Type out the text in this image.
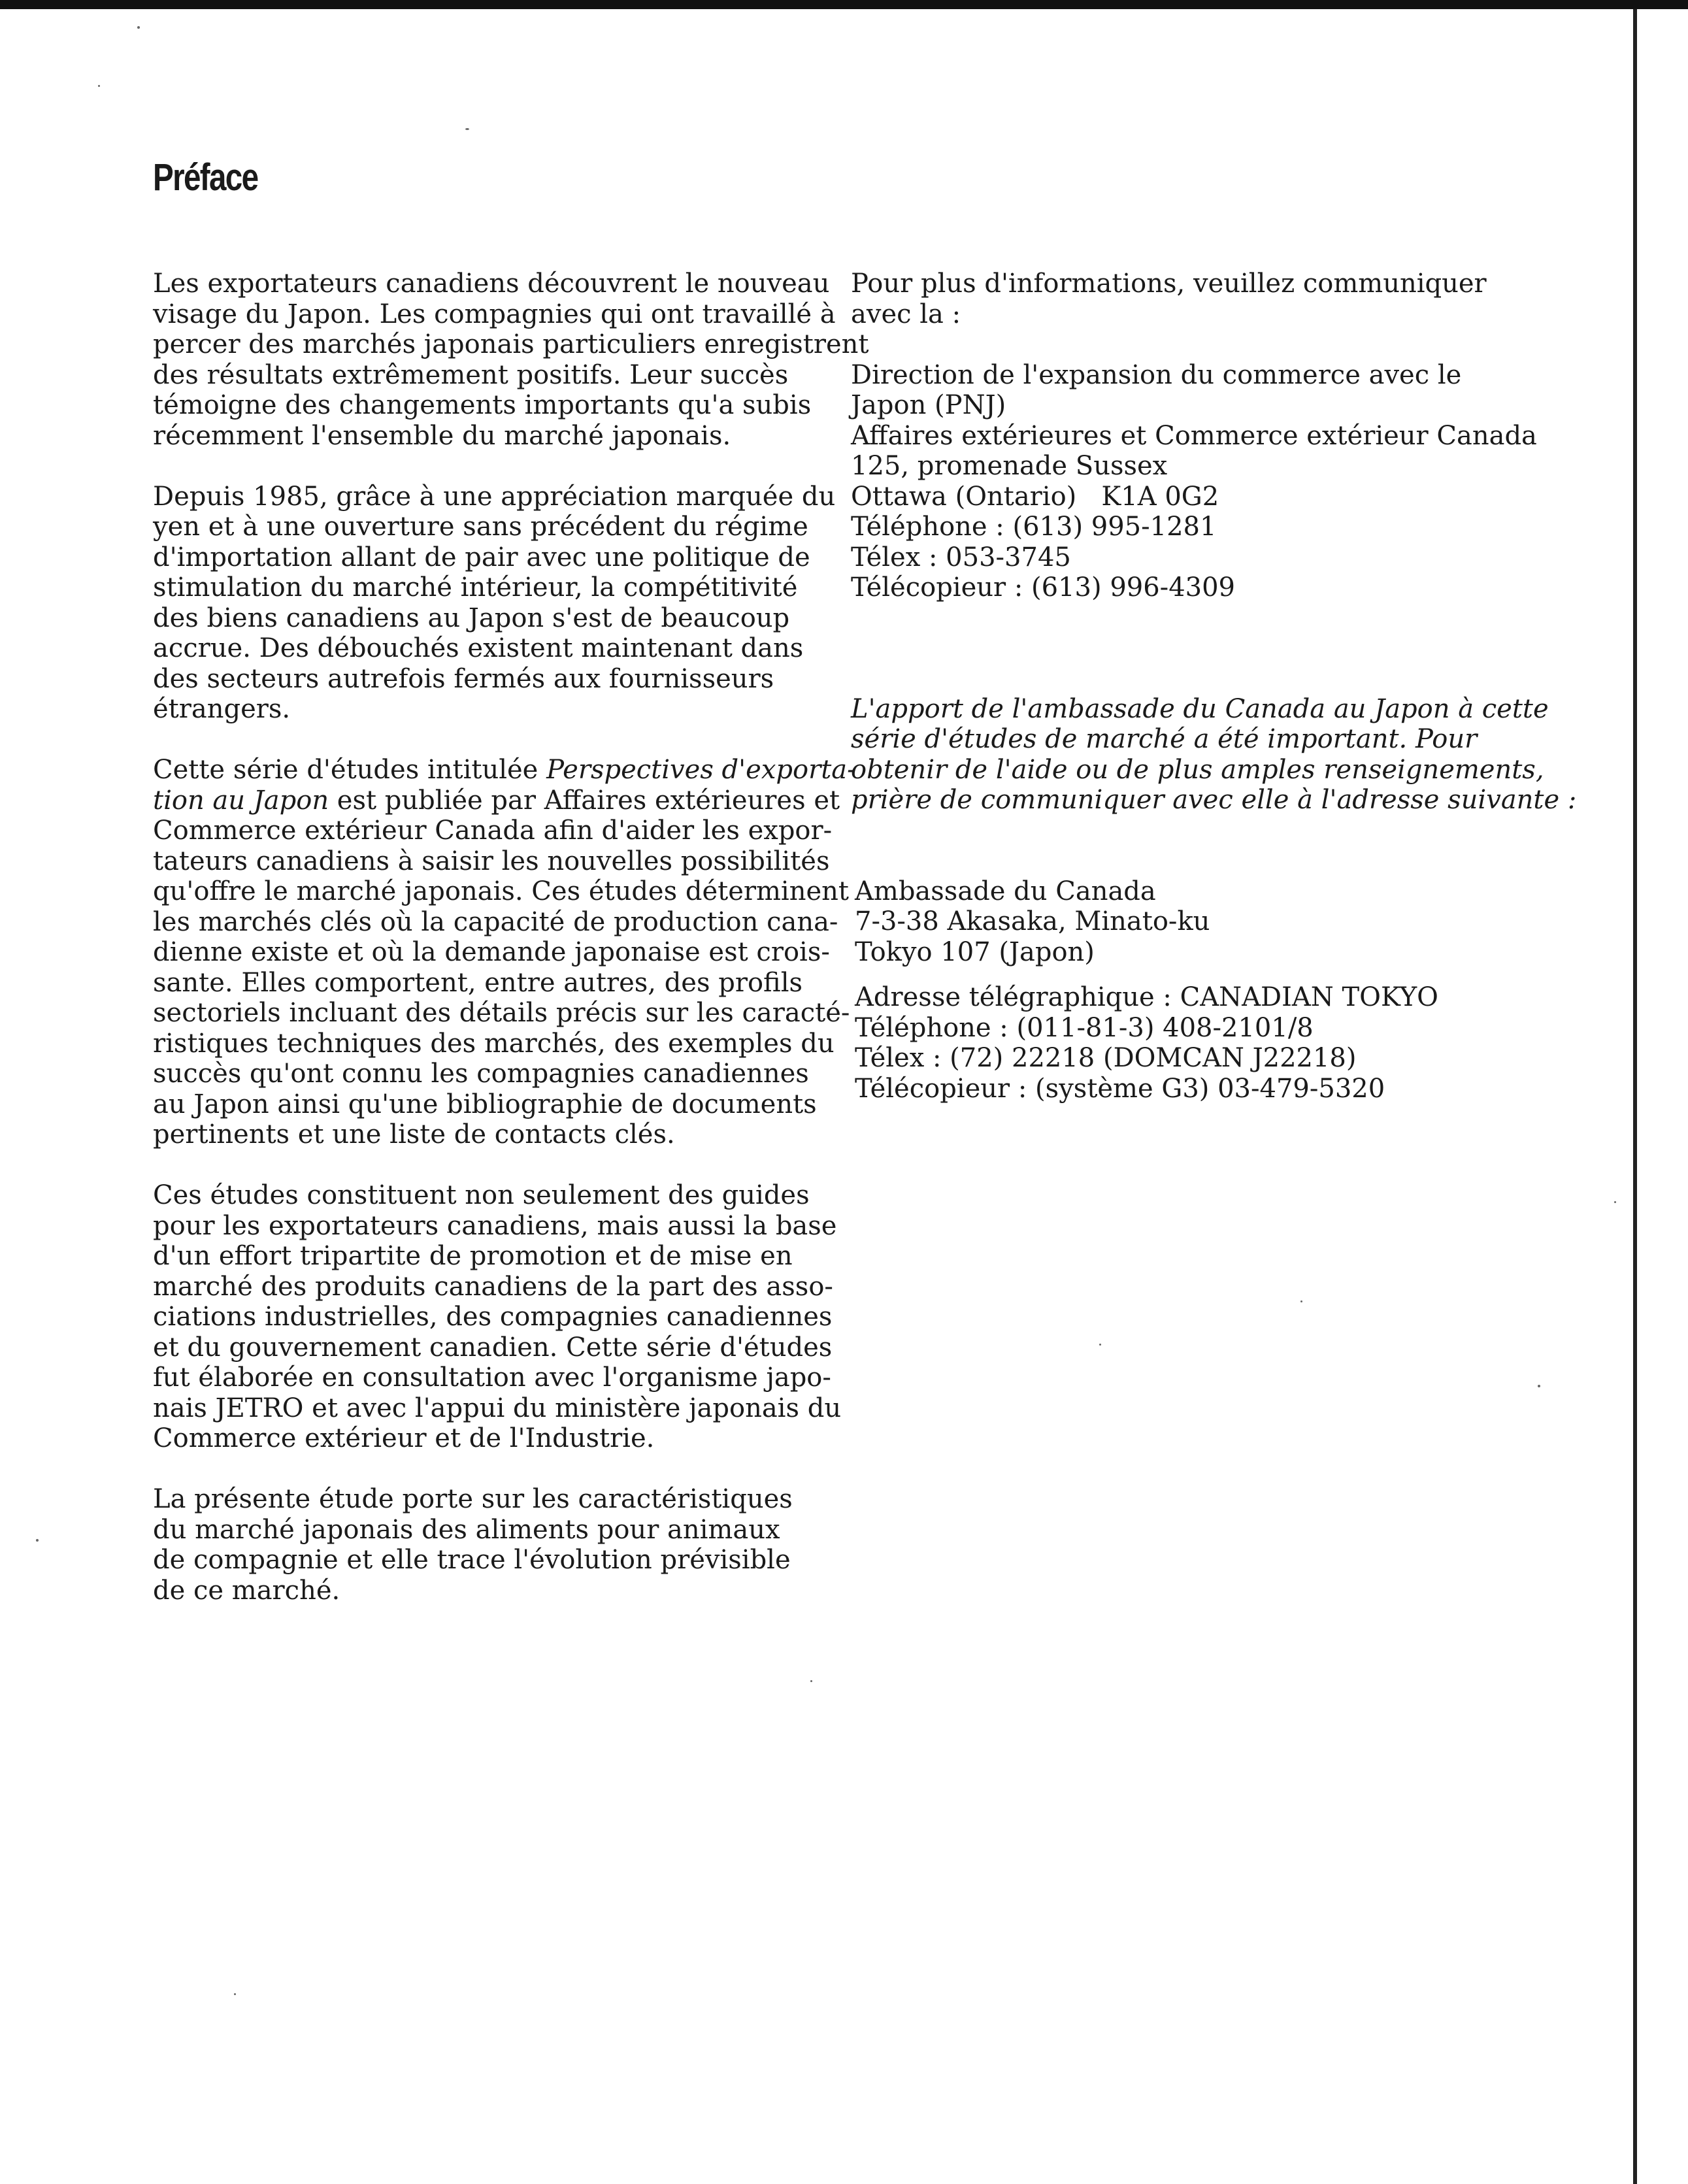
Préface

Les exportateurs canadiens découvrent le nouveau
visage du Japon. Les compagnies qui ont travaillé à
percer des marchés japonais particuliers enregistrent
des résultats extrêmement positifs. Leur succès
témoigne des changements importants qu'a subis
récemment l'ensemble du marché japonais.

Depuis 1985, grâce à une appréciation marquée du
yen et à une ouverture sans précédent du régime
d'importation allant de pair avec une politique de
stimulation du marché intérieur, la compétitivité
des biens canadiens au Japon s'est de beaucoup
accrue. Des débouchés existent maintenant dans
des secteurs autrefois fermés aux fournisseurs
étrangers.

Cette série d'études intitulée Perspectives d'exporta-
tion au Japon est publiée par Affaires extérieures et
Commerce extérieur Canada afin d'aider les expor-
tateurs canadiens à saisir les nouvelles possibilités
qu'offre le marché japonais. Ces études déterminent
les marchés clés où la capacité de production cana-
dienne existe et où la demande japonaise est crois-
sante. Elles comportent, entre autres, des profils
sectoriels incluant des détails précis sur les caracté-
ristiques techniques des marchés, des exemples du
succès qu'ont connu les compagnies canadiennes
au Japon ainsi qu'une bibliographie de documents
pertinents et une liste de contacts clés.

Ces études constituent non seulement des guides
pour les exportateurs canadiens, mais aussi la base
d'un effort tripartite de promotion et de mise en
marché des produits canadiens de la part des asso-
ciations industrielles, des compagnies canadiennes
et du gouvernement canadien. Cette série d'études
fut élaborée en consultation avec l'organisme japo-
nais JETRO et avec l'appui du ministère japonais du
Commerce extérieur et de l'Industrie.

La présente étude porte sur les caractéristiques
du marché japonais des aliments pour animaux
de compagnie et elle trace l'évolution prévisible
de ce marché.

Pour plus d'informations, veuillez communiquer
avec la :
Direction de l'expansion du commerce avec le
Japon (PNJ)
Affaires extérieures et Commerce extérieur Canada
125, promenade Sussex
Ottawa (Ontario)   K1A 0G2
Téléphone : (613) 995-1281
Télex : 053-3745
Télécopieur : (613) 996-4309
L'apport de l'ambassade du Canada au Japon à cette
série d'études de marché a été important. Pour
obtenir de l'aide ou de plus amples renseignements,
prière de communiquer avec elle à l'adresse suivante :
Ambassade du Canada
7-3-38 Akasaka, Minato-ku
Tokyo 107 (Japon)
Adresse télégraphique : CANADIAN TOKYO
Téléphone : (011-81-3) 408-2101/8
Télex : (72) 22218 (DOMCAN J22218)
Télécopieur : (système G3) 03-479-5320
